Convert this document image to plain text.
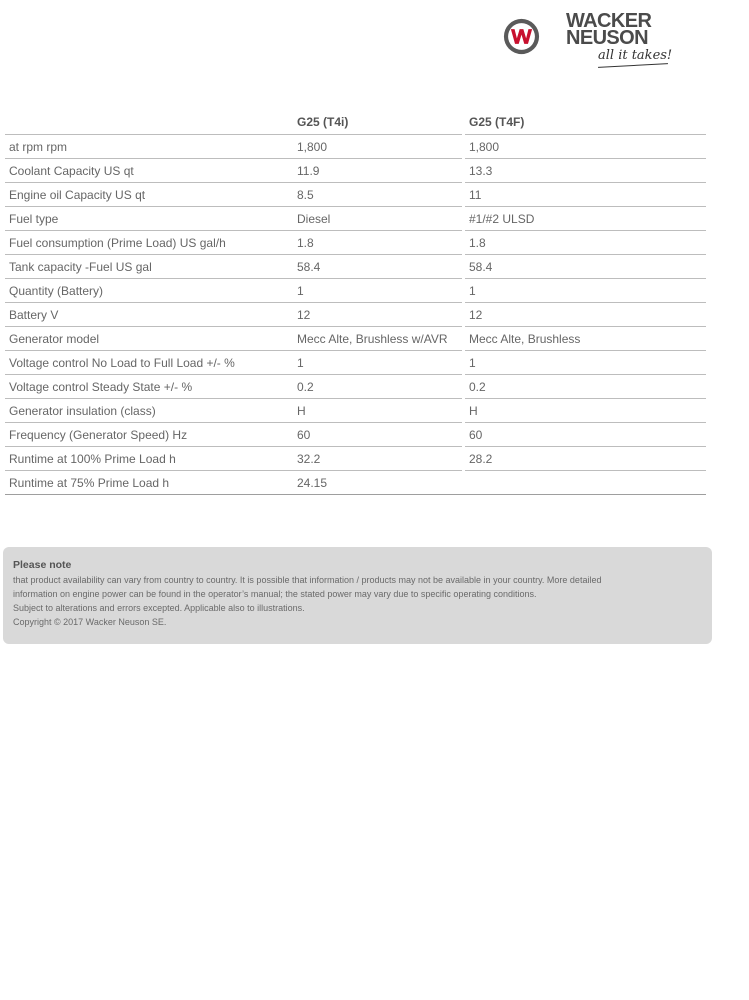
WACKER
NEUSON
all it takes!
	G25 (T4i)		G25 (T4F)
at rpm rpm	1,800		1,800
Coolant Capacity US qt	11.9		13.3
Engine oil Capacity US qt	8.5		11
Fuel type	Diesel		#1/#2 ULSD
Fuel consumption (Prime Load) US gal/h	1.8		1.8
Tank capacity -Fuel US gal	58.4		58.4
Quantity (Battery)	1		1
Battery V	12		12
Generator model	Mecc Alte, Brushless w/AVR		Mecc Alte, Brushless
Voltage control No Load to Full Load +/- %	1		1
Voltage control Steady State +/- %	0.2		0.2
Generator insulation (class)	H		H
Frequency (Generator Speed) Hz	60		60
Runtime at 100% Prime Load h	32.2		28.2
Runtime at 75% Prime Load h	24.15		

Please note

that product availability can vary from country to country. It is possible that information / products may not be available in your country. More detailed

information on engine power can be found in the operator’s manual; the stated power may vary due to specific operating conditions.

Subject to alterations and errors excepted. Applicable also to illustrations.

Copyright © 2017 Wacker Neuson SE.
